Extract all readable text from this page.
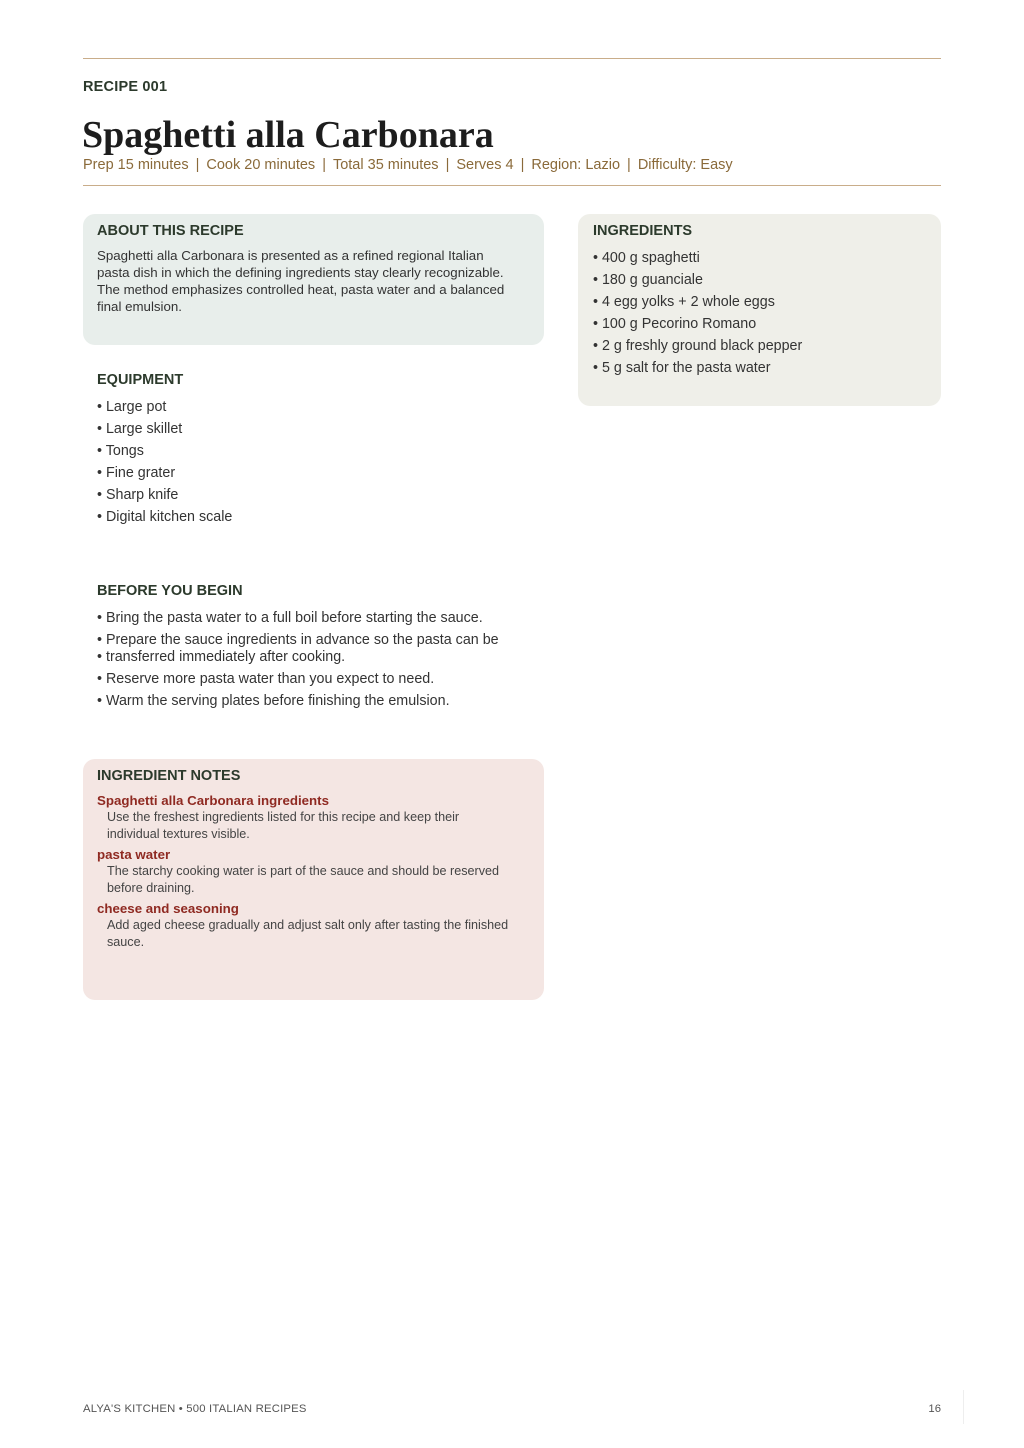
RECIPE 001
Spaghetti alla Carbonara
Prep 15 minutes | Cook 20 minutes | Total 35 minutes | Serves 4 | Region: Lazio | Difficulty: Easy
ABOUT THIS RECIPE

Spaghetti alla Carbonara is presented as a refined regional Italian
pasta dish in which the defining ingredients stay clearly recognizable.
The method emphasizes controlled heat, pasta water and a balanced
final emulsion.

INGREDIENTS
• 400 g spaghetti
• 180 g guanciale
• 4 egg yolks + 2 whole eggs
• 100 g Pecorino Romano
• 2 g freshly ground black pepper
• 5 g salt for the pasta water
EQUIPMENT
• Large pot
• Large skillet
• Tongs
• Fine grater
• Sharp knife
• Digital kitchen scale
BEFORE YOU BEGIN
• Bring the pasta water to a full boil before starting the sauce.
• Prepare the sauce ingredients in advance so the pasta can be
• transferred immediately after cooking.
• Reserve more pasta water than you expect to need.
• Warm the serving plates before finishing the emulsion.
INGREDIENT NOTES
Spaghetti alla Carbonara ingredients
Use the freshest ingredients listed for this recipe and keep their
individual textures visible.
pasta water
The starchy cooking water is part of the sauce and should be reserved
before draining.
cheese and seasoning
Add aged cheese gradually and adjust salt only after tasting the finished
sauce.
ALYA'S KITCHEN • 500 ITALIAN RECIPES	16
